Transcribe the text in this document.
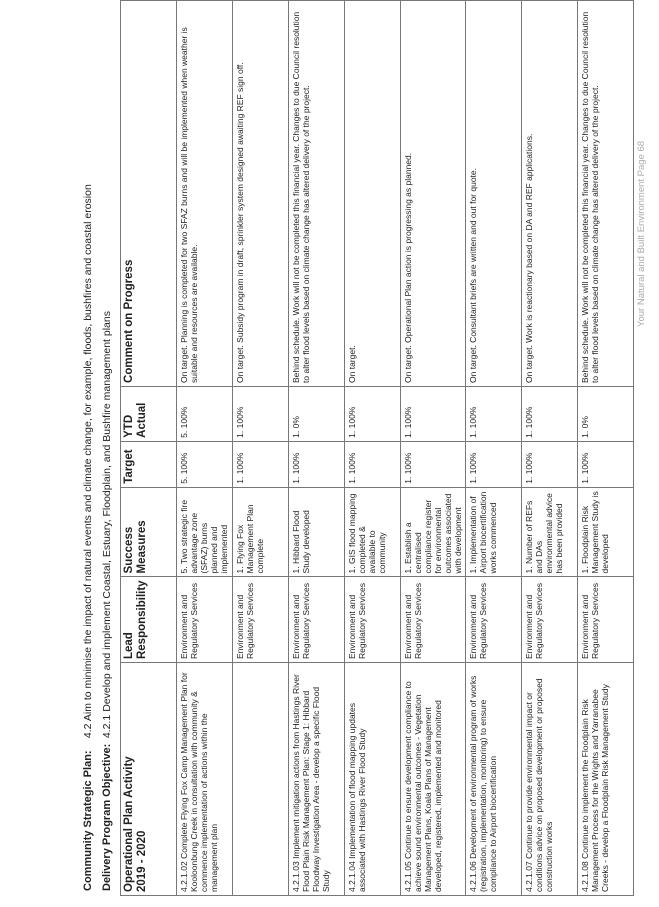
Community Strategic Plan: 4.2 Aim to minimise the impact of natural events and climate change, for example, floods, bushfires and coastal erosion
Delivery Program Objective: 4.2.1 Develop and implement Coastal, Estuary, Floodplain, and Bushfire management plans
Operational Plan Activity
2019 - 2020	Lead Responsibility	Success Measures	Target	YTD Actual	Comment on Progress
4.2.1.02 Complete Flying Fox Camp Management Plan for Kooloonbung Creek in consultation with community & commence implementation of actions within the management plan	Environment and Regulatory Services	5. Two strategic fire advantage zone (SFAZ) burns planned and implemented	5. 100%	5. 100%	On target. Planning is completed for two SFAZ burns and will be implemented when weather is suitable and resources are available.
	Environment and Regulatory Services	1. Flying Fox Management Plan complete	1. 100%	1. 100%	On target. Subsidy program in draft, sprinkler system designed awaiting REF sign off.
4.2.1.03 Implement mitigation actions from Hastings River Flood Plain Risk Management Plan: Stage 1: Hibbard Floodway Investigation Area - develop a specific Flood Study	Environment and Regulatory Services	1. Hibbard Flood Study developed	1. 100%	1. 0%	Behind schedule. Work will not be completed this financial year. Changes to due Council resolution to alter flood levels based on climate change has altered delivery of the project.
4.2.1.04 Implementation of flood mapping updates associated with Hastings River Flood Study	Environment and Regulatory Services	1. GIS flood mapping completed & available to community	1. 100%	1. 100%	On target.
4.2.1.05 Continue to ensure development compliance to achieve sound environmental outcomes - Vegetation Management Plans, Koala Plans of Management developed, registered, implemented and monitored	Environment and Regulatory Services	1. Establish a centralised compliance register for environmental outcomes associated with development	1. 100%	1. 100%	On target. Operational Plan action is progressing as planned.
4.2.1.06 Development of environmental program of works (registration, implementation, monitoring) to ensure compliance to Airport biocertification	Environment and Regulatory Services	1. Implementation of Airport biocertification works commenced	1. 100%	1. 100%	On target. Consultant briefs are written and out for quote.
4.2.1.07 Continue to provide environmental impact or conditions advice on proposed development or proposed construction works	Environment and Regulatory Services	1. Number of REFs and DAs environmental advice has been provided	1. 100%	1. 100%	On target. Work is reactionary based on DA and REF applications.
4.2.1.08 Continue to implement the Floodplain Risk Management Process for the Wrights and Yarranabee Creeks - develop a Floodplain Risk Management Study	Environment and Regulatory Services	1. Floodplain Risk Management Study is developed	1. 100%	1. 0%	Behind schedule. Work will not be completed this financial year. Changes to due Council resolution to alter flood levels based on climate change has altered delivery of the project.	Your Natural and Built Environment Page 68
